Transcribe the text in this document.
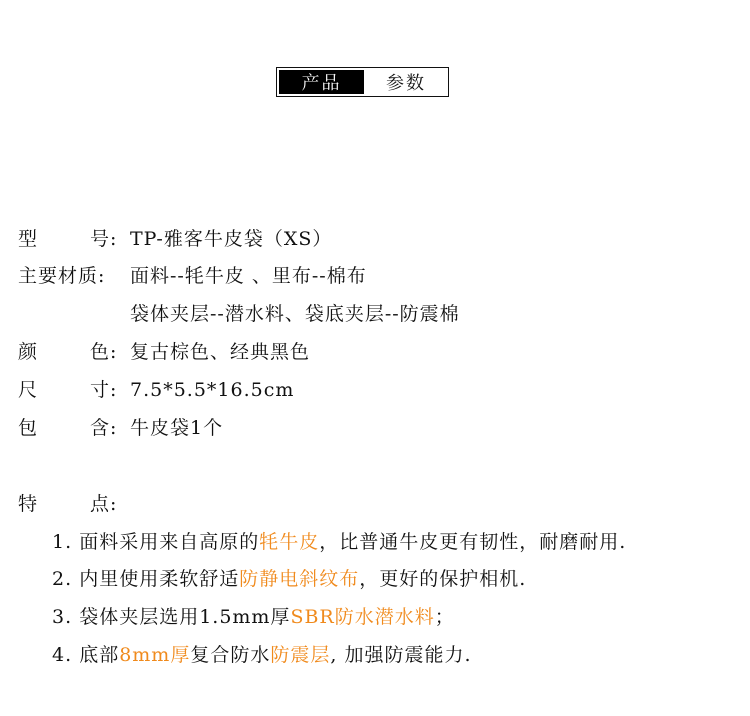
产品	参数
型	号: TP-雅客牛皮袋（XS）
主要材质: 面料--牦牛皮 、里布--棉布
袋体夹层--潜水料、袋底夹层--防震棉
颜	色: 复古棕色、经典黑色
尺	寸: 7.5*5.5*16.5cm
包	含: 牛皮袋1个
特	点:
1. 面料采用来自高原的牦牛皮，比普通牛皮更有韧性，耐磨耐用.
2. 内里使用柔软舒适防静电斜纹布，更好的保护相机.
3. 袋体夹层选用1.5mm厚SBR防水潜水料；
4. 底部8mm厚复合防水防震层, 加强防震能力.
